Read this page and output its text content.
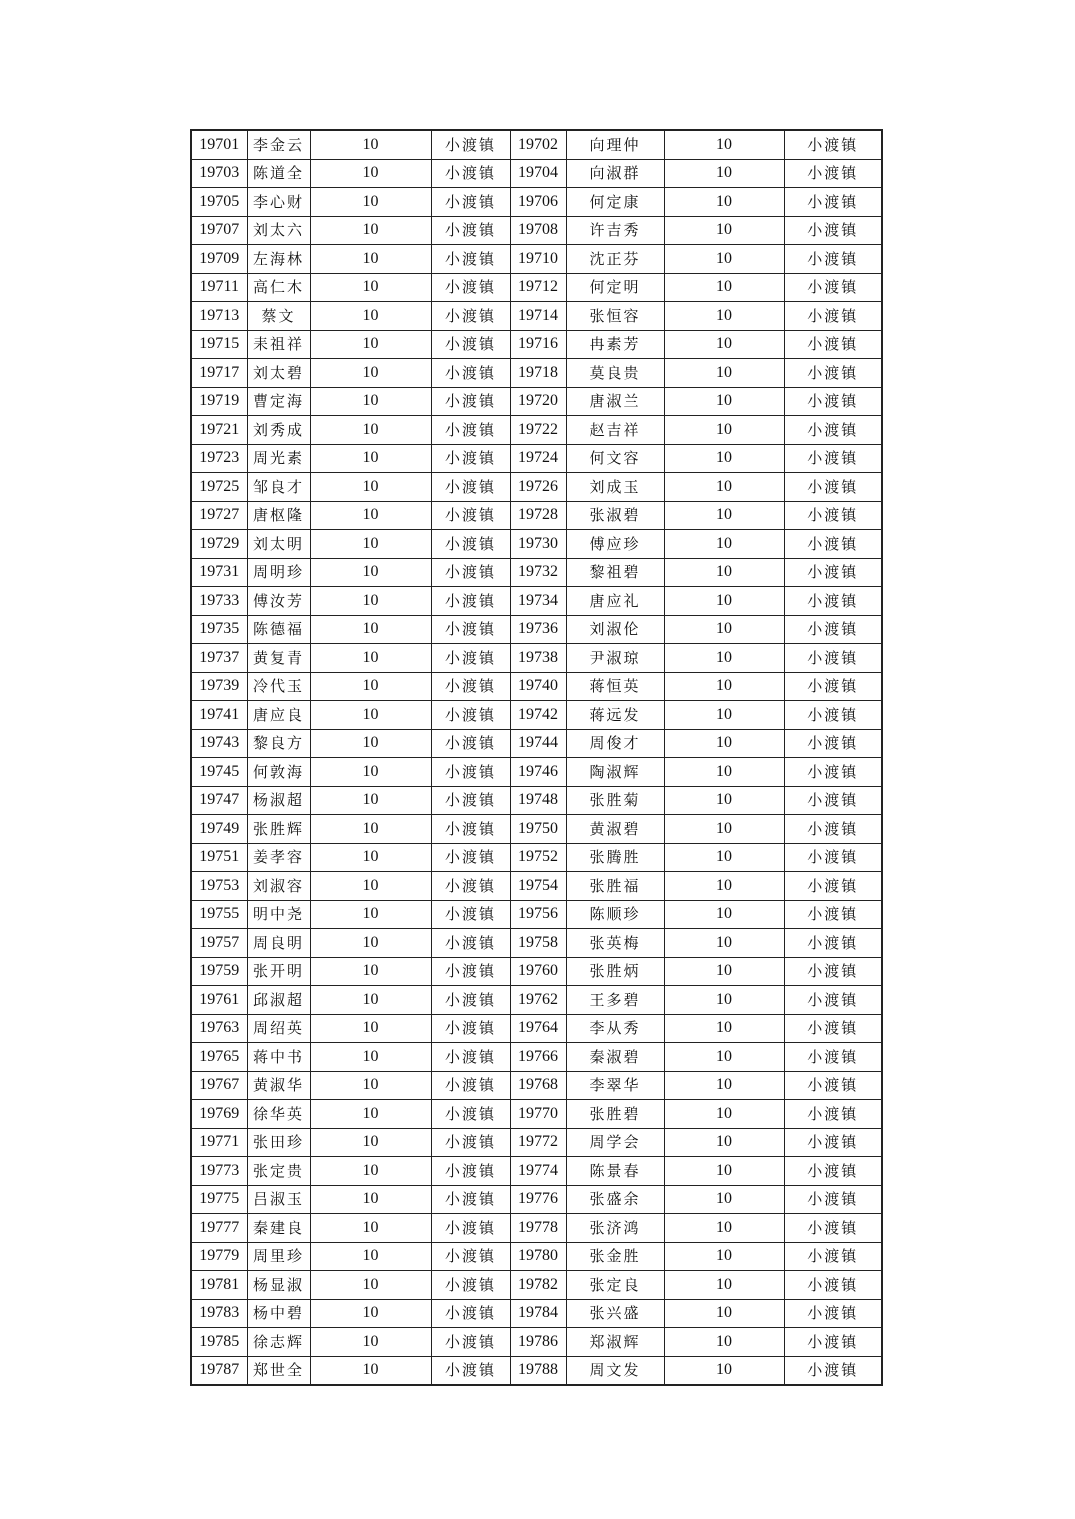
19701	李金云	10	小渡镇	19702	向理仲	10	小渡镇
19703	陈道全	10	小渡镇	19704	向淑群	10	小渡镇
19705	李心财	10	小渡镇	19706	何定康	10	小渡镇
19707	刘太六	10	小渡镇	19708	许吉秀	10	小渡镇
19709	左海林	10	小渡镇	19710	沈正芬	10	小渡镇
19711	高仁木	10	小渡镇	19712	何定明	10	小渡镇
19713	蔡文	10	小渡镇	19714	张恒容	10	小渡镇
19715	耒祖祥	10	小渡镇	19716	冉素芳	10	小渡镇
19717	刘太碧	10	小渡镇	19718	莫良贵	10	小渡镇
19719	曹定海	10	小渡镇	19720	唐淑兰	10	小渡镇
19721	刘秀成	10	小渡镇	19722	赵吉祥	10	小渡镇
19723	周光素	10	小渡镇	19724	何文容	10	小渡镇
19725	邹良才	10	小渡镇	19726	刘成玉	10	小渡镇
19727	唐枢隆	10	小渡镇	19728	张淑碧	10	小渡镇
19729	刘太明	10	小渡镇	19730	傅应珍	10	小渡镇
19731	周明珍	10	小渡镇	19732	黎祖碧	10	小渡镇
19733	傅汝芳	10	小渡镇	19734	唐应礼	10	小渡镇
19735	陈德福	10	小渡镇	19736	刘淑伦	10	小渡镇
19737	黄复青	10	小渡镇	19738	尹淑琼	10	小渡镇
19739	冷代玉	10	小渡镇	19740	蒋恒英	10	小渡镇
19741	唐应良	10	小渡镇	19742	蒋远发	10	小渡镇
19743	黎良方	10	小渡镇	19744	周俊才	10	小渡镇
19745	何敦海	10	小渡镇	19746	陶淑辉	10	小渡镇
19747	杨淑超	10	小渡镇	19748	张胜菊	10	小渡镇
19749	张胜辉	10	小渡镇	19750	黄淑碧	10	小渡镇
19751	姜孝容	10	小渡镇	19752	张腾胜	10	小渡镇
19753	刘淑容	10	小渡镇	19754	张胜福	10	小渡镇
19755	明中尧	10	小渡镇	19756	陈顺珍	10	小渡镇
19757	周良明	10	小渡镇	19758	张英梅	10	小渡镇
19759	张开明	10	小渡镇	19760	张胜炳	10	小渡镇
19761	邱淑超	10	小渡镇	19762	王多碧	10	小渡镇
19763	周绍英	10	小渡镇	19764	李从秀	10	小渡镇
19765	蒋中书	10	小渡镇	19766	秦淑碧	10	小渡镇
19767	黄淑华	10	小渡镇	19768	李翠华	10	小渡镇
19769	徐华英	10	小渡镇	19770	张胜碧	10	小渡镇
19771	张田珍	10	小渡镇	19772	周学会	10	小渡镇
19773	张定贵	10	小渡镇	19774	陈景春	10	小渡镇
19775	吕淑玉	10	小渡镇	19776	张盛余	10	小渡镇
19777	秦建良	10	小渡镇	19778	张济鸿	10	小渡镇
19779	周里珍	10	小渡镇	19780	张金胜	10	小渡镇
19781	杨显淑	10	小渡镇	19782	张定良	10	小渡镇
19783	杨中碧	10	小渡镇	19784	张兴盛	10	小渡镇
19785	徐志辉	10	小渡镇	19786	郑淑辉	10	小渡镇
19787	郑世全	10	小渡镇	19788	周文发	10	小渡镇
